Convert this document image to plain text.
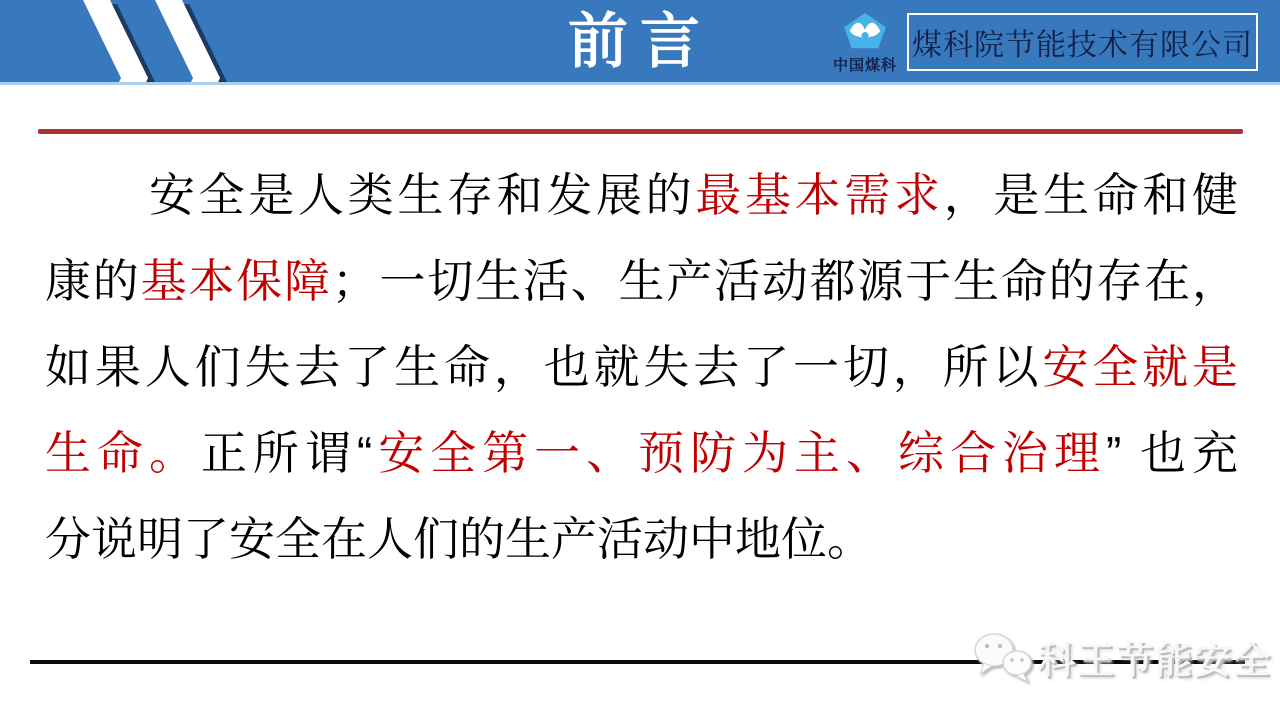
前言	中国煤科
煤科院节能技术有限公司
安全是人类生存和发展的最基本需求，是生命和健
康的基本保障；一切生活、生产活动都源于生命的存在，
如果人们失去了生命，也就失去了一切，所以安全就是
生命。正所谓“安全第一、预防为主、综合治理” 也充
分说明了安全在人们的生产活动中地位。
科王节能安全
